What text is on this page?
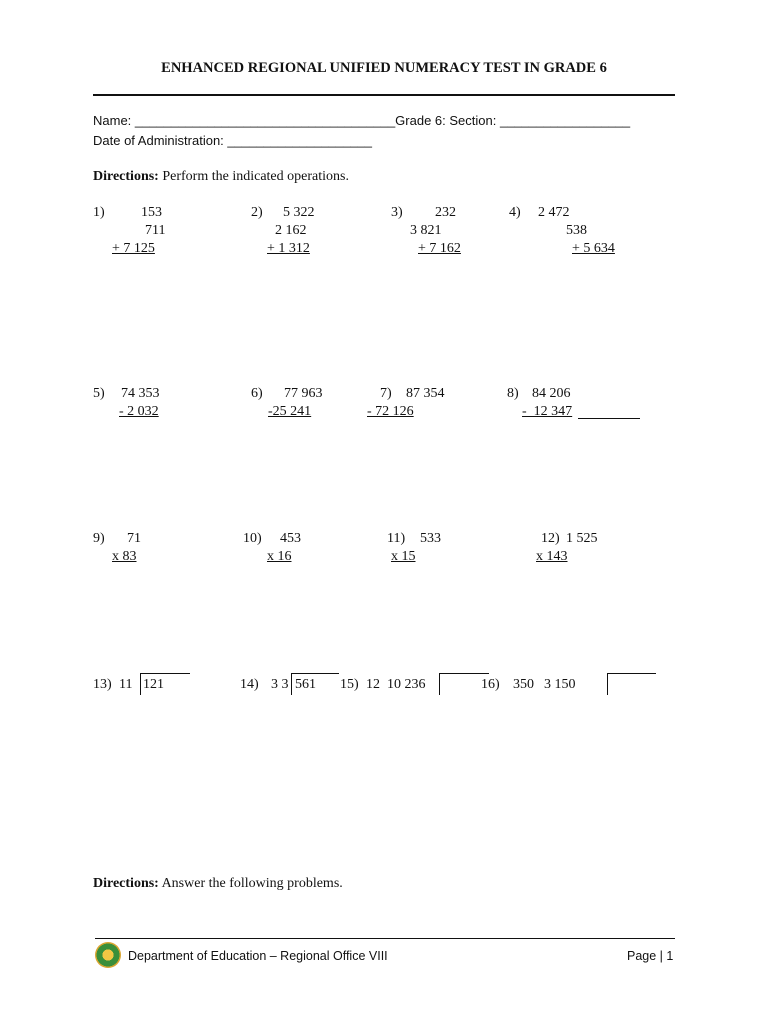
ENHANCED REGIONAL UNIFIED NUMERACY TEST IN GRADE 6
Name: ____________________________________Grade 6: Section: __________________
Date of Administration: ____________________
Directions: Perform the indicated operations.
1)	153
711
+ 7 125
2) 5 322
2 162
+ 1 312
3) 232
3 821
+ 7 162
4) 2 472
538
+ 5 634
5) 74 353
- 2 032
6) 77 963
-25 241
7) 87 354
- 72 126
8) 84 206
-  12 347
9) 71
x 83
10) 453
x 16
11) 533
x 15
12) 1 525
x 143
13) 11 121	14) 3 3 561 15) 12 10 236	16) 350 3 150
Directions: Answer the following problems.
Department of Education – Regional Office VIII	Page | 1
